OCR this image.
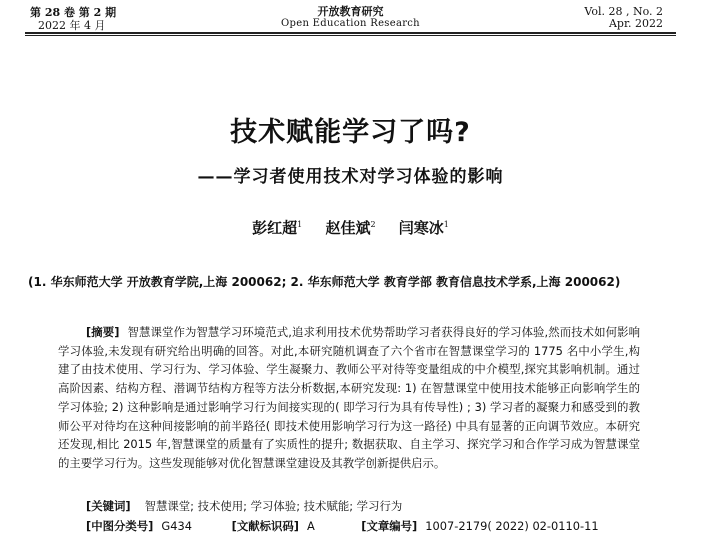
第 28 卷 第 2 期
2022 年 4 月
开放教育研究
Open Education Research
Vol. 28 , No. 2
Apr. 2022
技术赋能学习了吗?
——学习者使用技术对学习体验的影响
彭红超$^1$ 赵佳斌$^2$ 闫寒冰$^1$
(1. 华东师范大学 开放教育学院,上海 200062; 2. 华东师范大学 教育学部 教育信息技术学系,上海 200062)
[摘要] 智慧课堂作为智慧学习环境范式,追求利用技术优势帮助学习者获得良好的学习体验,然而技术如何影响学习体验,未发现有研究给出明确的回答。对此,本研究随机调查了六个省市在智慧课堂学习的 1775 名中小学生,构建了由技术使用、学习行为、学习体验、学生凝聚力、教师公平对待等变量组成的中介模型,探究其影响机制。通过高阶因素、结构方程、潜调节结构方程等方法分析数据,本研究发现: 1) 在智慧课堂中使用技术能够正向影响学生的学习体验; 2) 这种影响是通过影响学习行为间接实现的( 即学习行为具有传导性) ; 3) 学习者的凝聚力和感受到的教师公平对待均在这种间接影响的前半路径( 即技术使用影响学习行为这一路径) 中具有显著的正向调节效应。本研究还发现,相比 2015 年,智慧课堂的质量有了实质性的提升; 数据获取、自主学习、探究学习和合作学习成为智慧课堂的主要学习行为。这些发现能够对优化智慧课堂建设及其教学创新提供启示。
[关键词] 智慧课堂; 技术使用; 学习体验; 技术赋能; 学习行为
[中图分类号] G434	[文献标识码] A	[文章编号] 1007-2179( 2022) 02-0110-11
